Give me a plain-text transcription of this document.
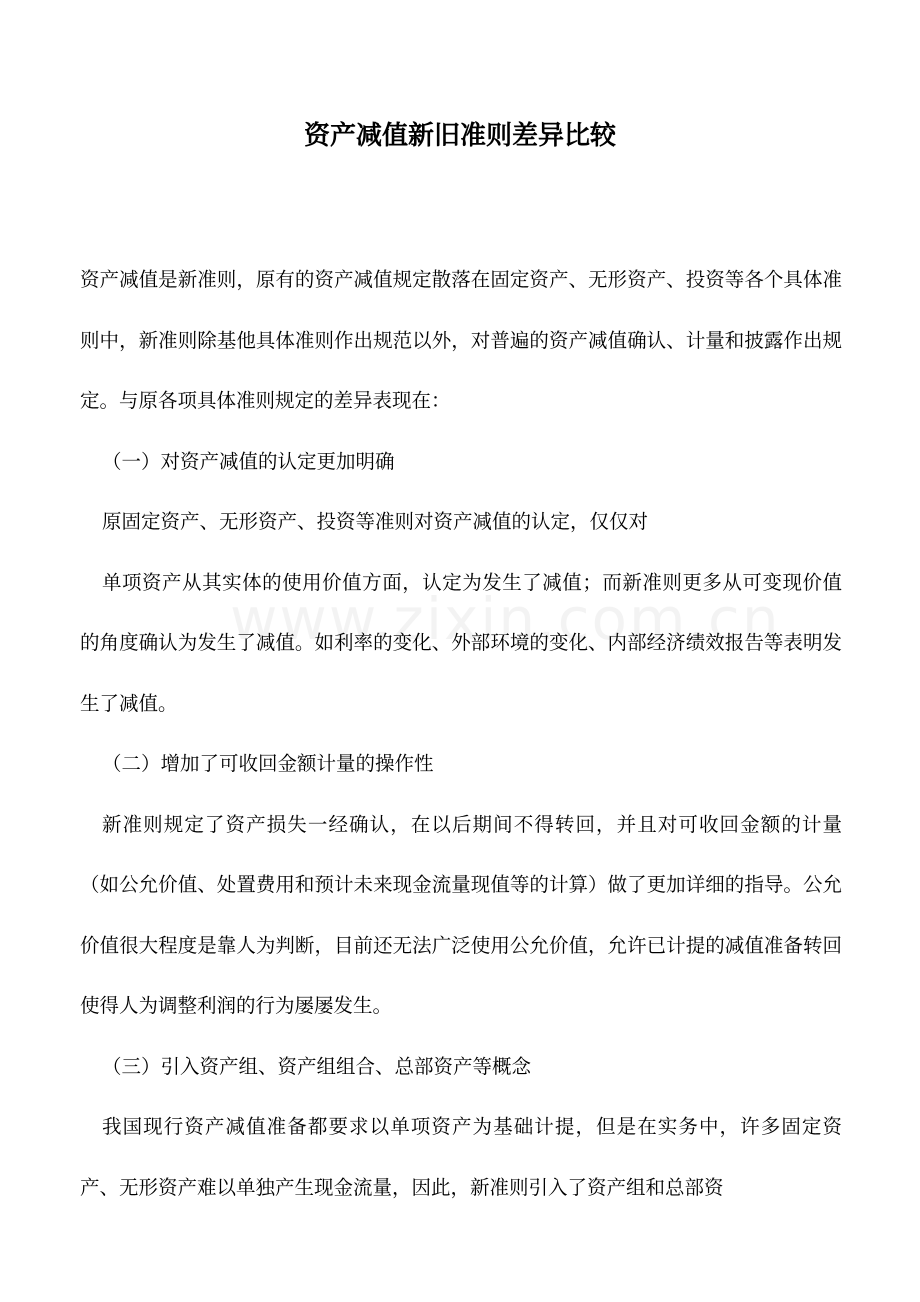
资产减值新旧准则差异比较

资产减值是新准则，原有的资产减值规定散落在固定资产、无形资产、投资等各个具体准则中，新准则除基他具体准则作出规范以外，对普遍的资产减值确认、计量和披露作出规定。与原各项具体准则规定的差异表现在：

（一）对资产减值的认定更加明确

原固定资产、无形资产、投资等准则对资产减值的认定，仅仅对

单项资产从其实体的使用价值方面，认定为发生了减值；而新准则更多从可变现价值的角度确认为发生了减值。如利率的变化、外部环境的变化、内部经济绩效报告等表明发生了减值。

（二）增加了可收回金额计量的操作性

新准则规定了资产损失一经确认，在以后期间不得转回，并且对可收回金额的计量（如公允价值、处置费用和预计未来现金流量现值等的计算）做了更加详细的指导。公允价值很大程度是靠人为判断，目前还无法广泛使用公允价值，允许已计提的减值准备转回使得人为调整利润的行为屡屡发生。

（三）引入资产组、资产组组合、总部资产等概念

我国现行资产减值准备都要求以单项资产为基础计提，但是在实务中，许多固定资产、无形资产难以单独产生现金流量，因此，新准则引入了资产组和总部资
